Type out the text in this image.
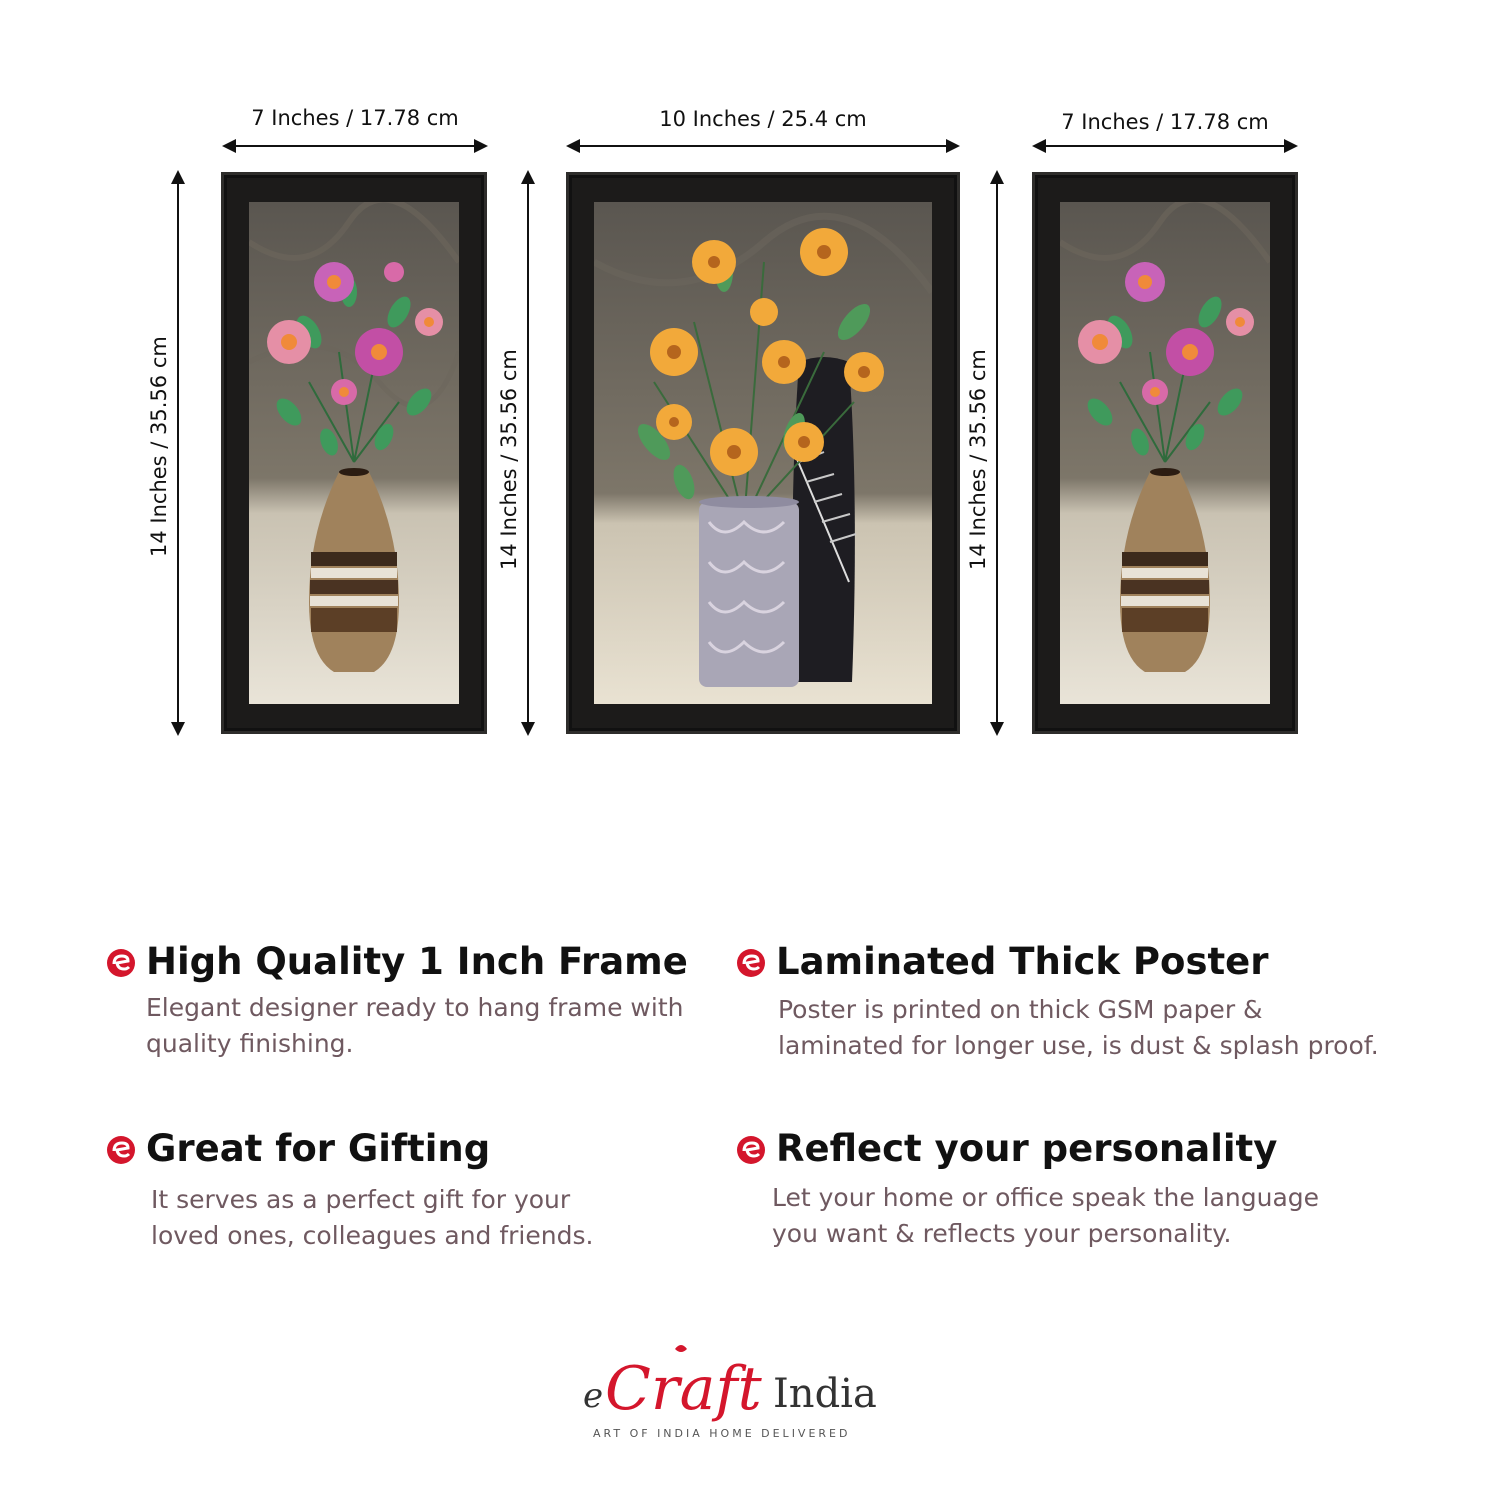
7 Inches / 17.78 cm	10 Inches / 25.4 cm	7 Inches / 17.78 cm
14 Inches / 35.56 cm	14 Inches / 35.56 cm	14 Inches / 35.56 cm
High Quality 1 Inch Frame
Elegant designer ready to hang frame with
quality finishing.
Laminated Thick Poster
Poster is printed on thick GSM paper &
laminated for longer use, is dust & splash proof.
Great for Gifting
It serves as a perfect gift for your
loved ones, colleagues and friends.
Reflect your personality
Let your home or office speak the language
you want & reflects your personality.
e Craft India
ART OF INDIA HOME DELIVERED
